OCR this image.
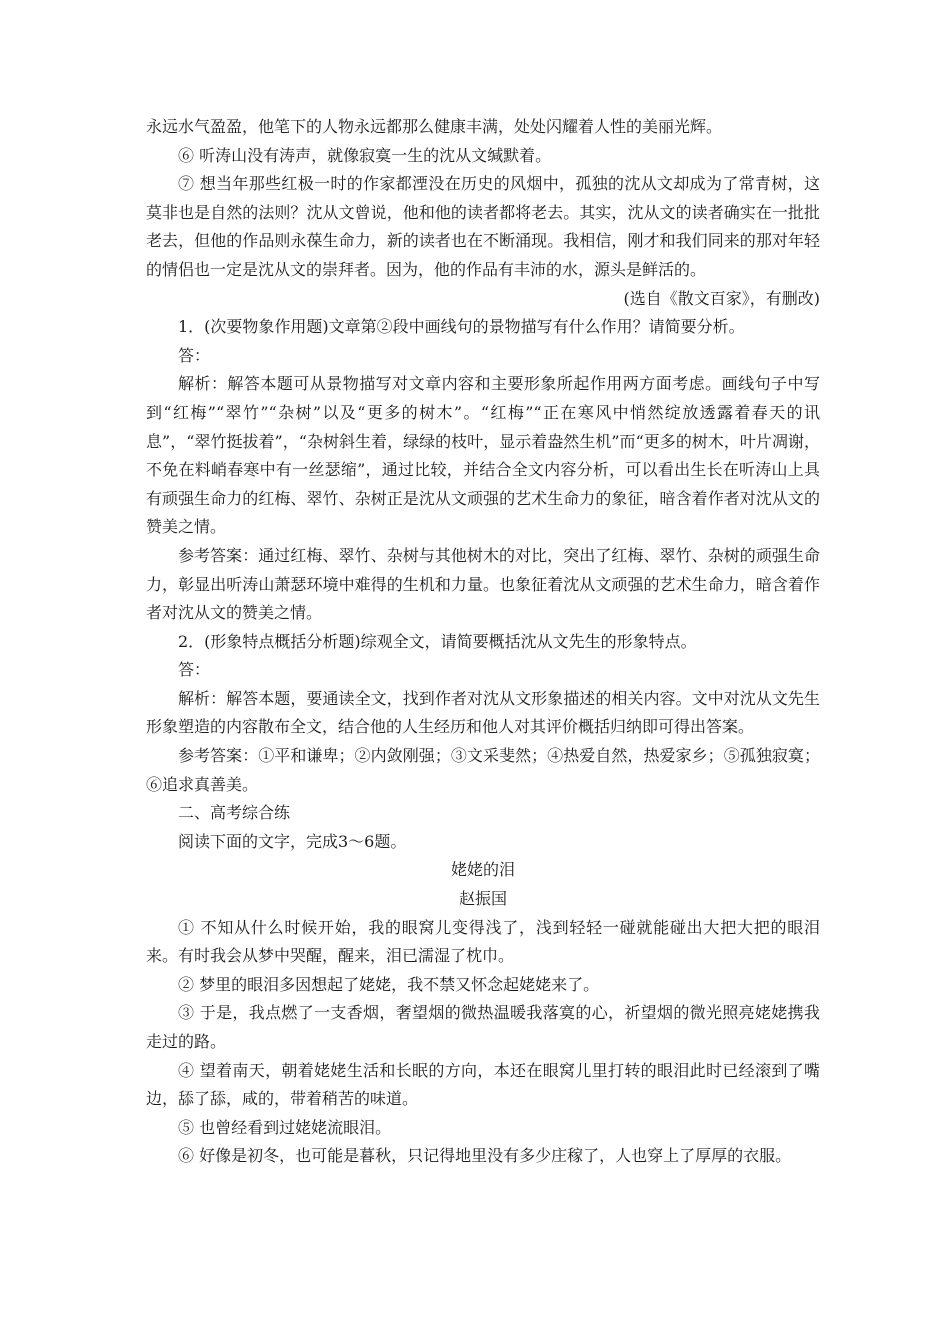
永远水气盈盈，他笔下的人物永远都那么健康丰满，处处闪耀着人性的美丽光辉。

⑥ 听涛山没有涛声，就像寂寞一生的沈从文缄默着。

⑦ 想当年那些红极一时的作家都湮没在历史的风烟中，孤独的沈从文却成为了常青树，这莫非也是自然的法则？沈从文曾说，他和他的读者都将老去。其实，沈从文的读者确实在一批批老去，但他的作品则永葆生命力，新的读者也在不断涌现。我相信，刚才和我们同来的那对年轻的情侣也一定是沈从文的崇拜者。因为，他的作品有丰沛的水，源头是鲜活的。

(选自《散文百家》，有删改)

1．(次要物象作用题)文章第②段中画线句的景物描写有什么作用？请简要分析。

答：

解析：解答本题可从景物描写对文章内容和主要形象所起作用两方面考虑。画线句子中写到“红梅”“翠竹”“杂树”以及“更多的树木”。“红梅”“正在寒风中悄然绽放透露着春天的讯息”，“翠竹挺拔着”，“杂树斜生着，绿绿的枝叶，显示着盎然生机”而“更多的树木，叶片凋谢，不免在料峭春寒中有一丝瑟缩”，通过比较，并结合全文内容分析，可以看出生长在听涛山上具有顽强生命力的红梅、翠竹、杂树正是沈从文顽强的艺术生命力的象征，暗含着作者对沈从文的赞美之情。

参考答案：通过红梅、翠竹、杂树与其他树木的对比，突出了红梅、翠竹、杂树的顽强生命力，彰显出听涛山萧瑟环境中难得的生机和力量。也象征着沈从文顽强的艺术生命力，暗含着作者对沈从文的赞美之情。

2．(形象特点概括分析题)综观全文，请简要概括沈从文先生的形象特点。

答：

解析：解答本题，要通读全文，找到作者对沈从文形象描述的相关内容。文中对沈从文先生形象塑造的内容散布全文，结合他的人生经历和他人对其评价概括归纳即可得出答案。

参考答案：①平和谦卑；②内敛刚强；③文采斐然；④热爱自然，热爱家乡；⑤孤独寂寞；⑥追求真善美。

二、高考综合练

阅读下面的文字，完成3～6题。

姥姥的泪

赵振国

① 不知从什么时候开始，我的眼窝儿变得浅了，浅到轻轻一碰就能碰出大把大把的眼泪来。有时我会从梦中哭醒，醒来，泪已濡湿了枕巾。

② 梦里的眼泪多因想起了姥姥，我不禁又怀念起姥姥来了。

③ 于是，我点燃了一支香烟，奢望烟的微热温暖我落寞的心，祈望烟的微光照亮姥姥携我走过的路。

④ 望着南天，朝着姥姥生活和长眠的方向，本还在眼窝儿里打转的眼泪此时已经滚到了嘴边，舔了舔，咸的，带着稍苦的味道。

⑤ 也曾经看到过姥姥流眼泪。

⑥ 好像是初冬，也可能是暮秋，只记得地里没有多少庄稼了，人也穿上了厚厚的衣服。
